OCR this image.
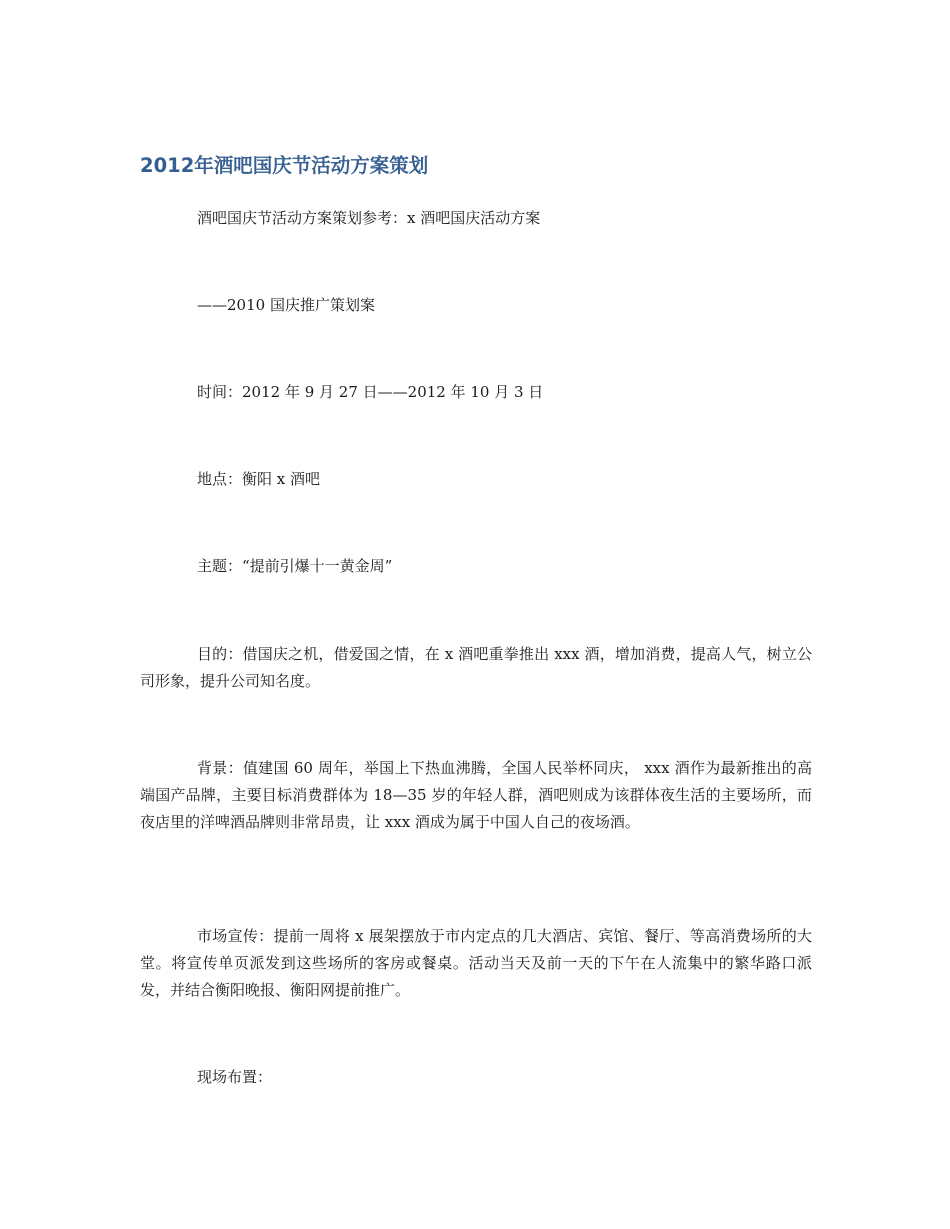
2012年酒吧国庆节活动方案策划

酒吧国庆节活动方案策划参考：x 酒吧国庆活动方案

——2010 国庆推广策划案

时间：2012 年 9 月 27 日——2012 年 10 月 3 日

地点：衡阳 x 酒吧

主题：“提前引爆十一黄金周”

目的：借国庆之机，借爱国之情，在 x 酒吧重拳推出 xxx 酒，增加消费，提高人气，树立公司形象，提升公司知名度。

背景：值建国 60 周年，举国上下热血沸腾，全国人民举杯同庆， xxx 酒作为最新推出的高端国产品牌，主要目标消费群体为 18—35 岁的年轻人群，酒吧则成为该群体夜生活的主要场所，而夜店里的洋啤酒品牌则非常昂贵，让 xxx 酒成为属于中国人自己的夜场酒。

市场宣传：提前一周将 x 展架摆放于市内定点的几大酒店、宾馆、餐厅、等高消费场所的大堂。将宣传单页派发到这些场所的客房或餐桌。活动当天及前一天的下午在人流集中的繁华路口派发，并结合衡阳晚报、衡阳网提前推广。

现场布置：
